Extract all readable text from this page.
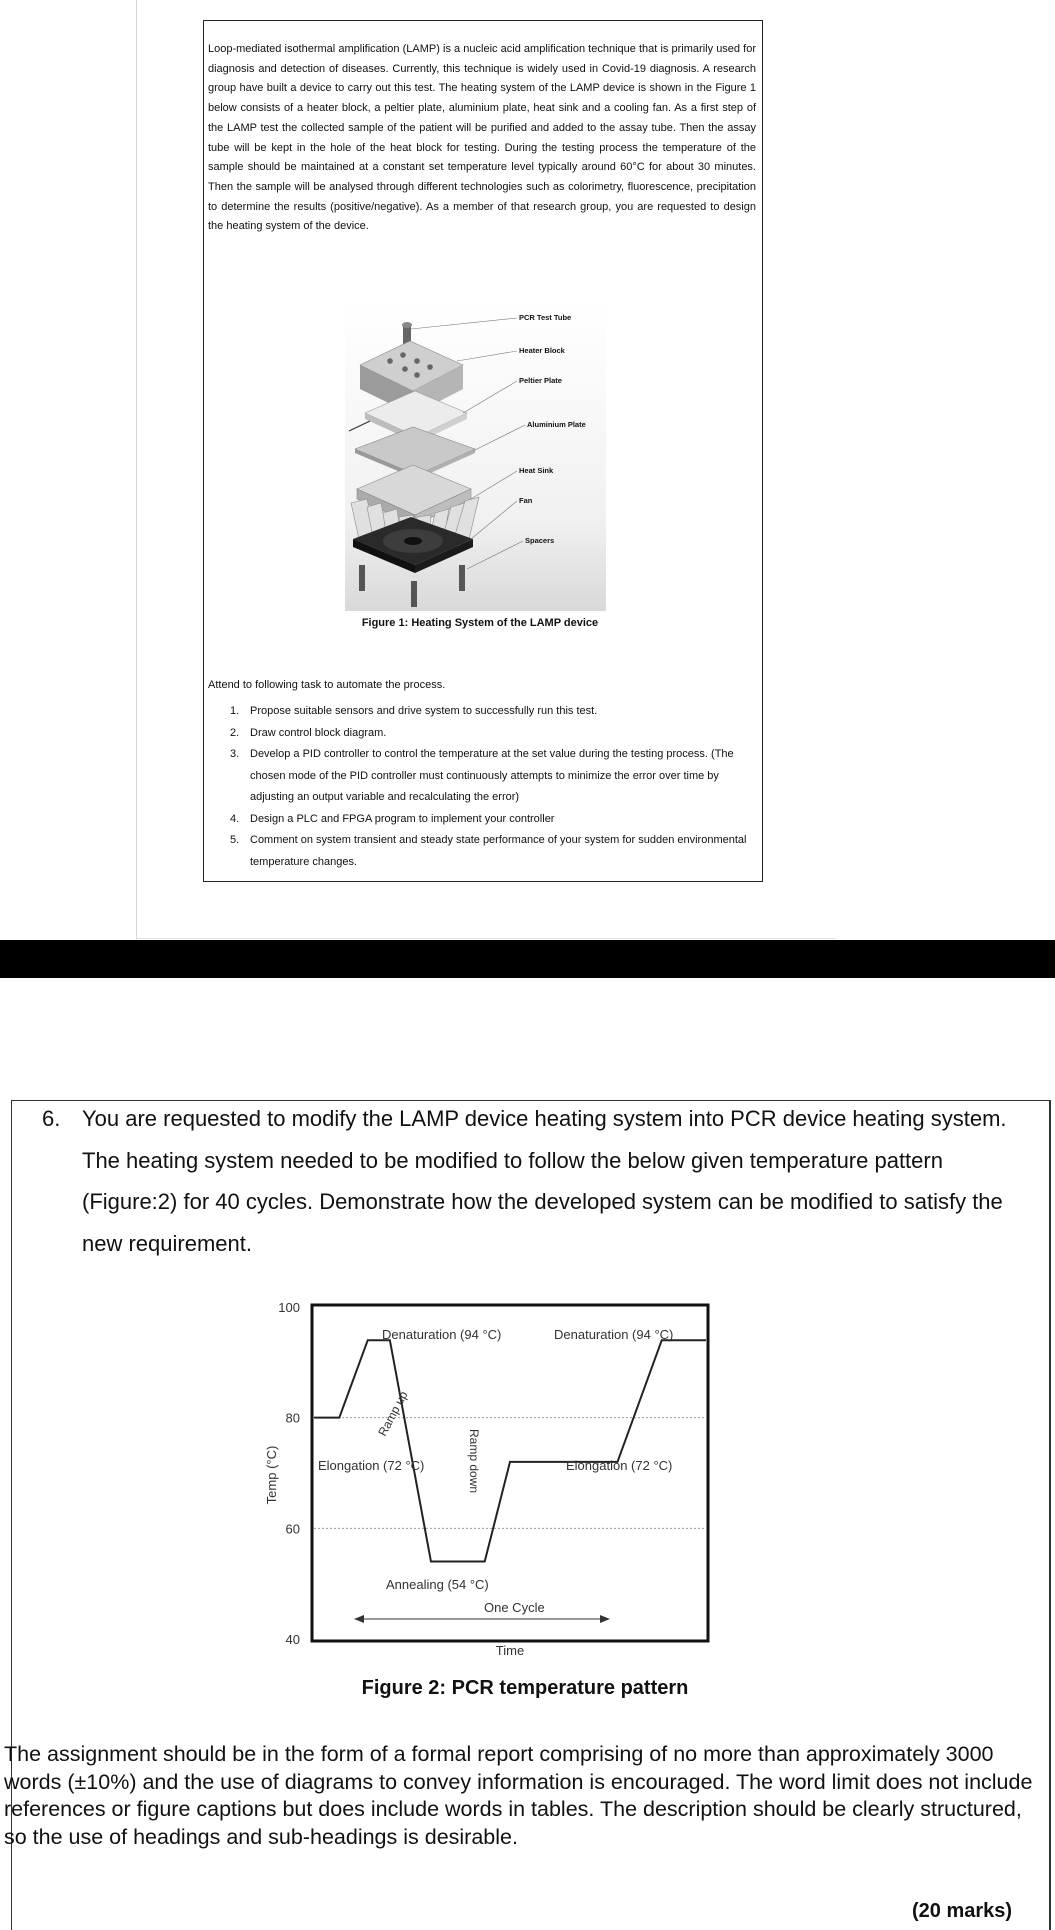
Loop-mediated isothermal amplification (LAMP) is a nucleic acid amplification technique that is primarily used for diagnosis and detection of diseases. Currently, this technique is widely used in Covid-19 diagnosis. A research group have built a device to carry out this test. The heating system of the LAMP device is shown in the Figure 1 below consists of a heater block, a peltier plate, aluminium plate, heat sink and a cooling fan. As a first step of the LAMP test the collected sample of the patient will be purified and added to the assay tube. Then the assay tube will be kept in the hole of the heat block for testing. During the testing process the temperature of the sample should be maintained at a constant set temperature level typically around 60°C for about 30 minutes. Then the sample will be analysed through different technologies such as colorimetry, fluorescence, precipitation to determine the results (positive/negative). As a member of that research group, you are requested to design the heating system of the device.

PCR Test Tube
Heater Block
Peltier Plate
Aluminium Plate
Heat Sink
Fan
Spacers
Figure 1: Heating System of the LAMP device
Attend to following task to automate the process.
1. Propose suitable sensors and drive system to successfully run this test.
2. Draw control block diagram.
3. Develop a PID controller to control the temperature at the set value during the testing process. (The chosen mode of the PID controller must continuously attempts to minimize the error over time by adjusting an output variable and recalculating the error)
4. Design a PLC and FPGA program to implement your controller
5. Comment on system transient and steady state performance of your system for sudden environmental temperature changes.
6. You are requested to modify the LAMP device heating system into PCR device heating system. The heating system needed to be modified to follow the below given temperature pattern (Figure:2) for 40 cycles. Demonstrate how the developed system can be modified to satisfy the new requirement.
100
80
60
40
Temp (°C)
Time
Denaturation (94 °C)	Denaturation (94 °C)
Elongation (72 °C)	Elongation (72 °C)
Annealing (54 °C)
Ramp up
Ramp down
One Cycle
Figure 2: PCR temperature pattern

The assignment should be in the form of a formal report comprising of no more than approximately 3000 words (±10%) and the use of diagrams to convey information is encouraged. The word limit does not include references or figure captions but does include words in tables. The description should be clearly structured, so the use of headings and sub-headings is desirable.

(20 marks)
